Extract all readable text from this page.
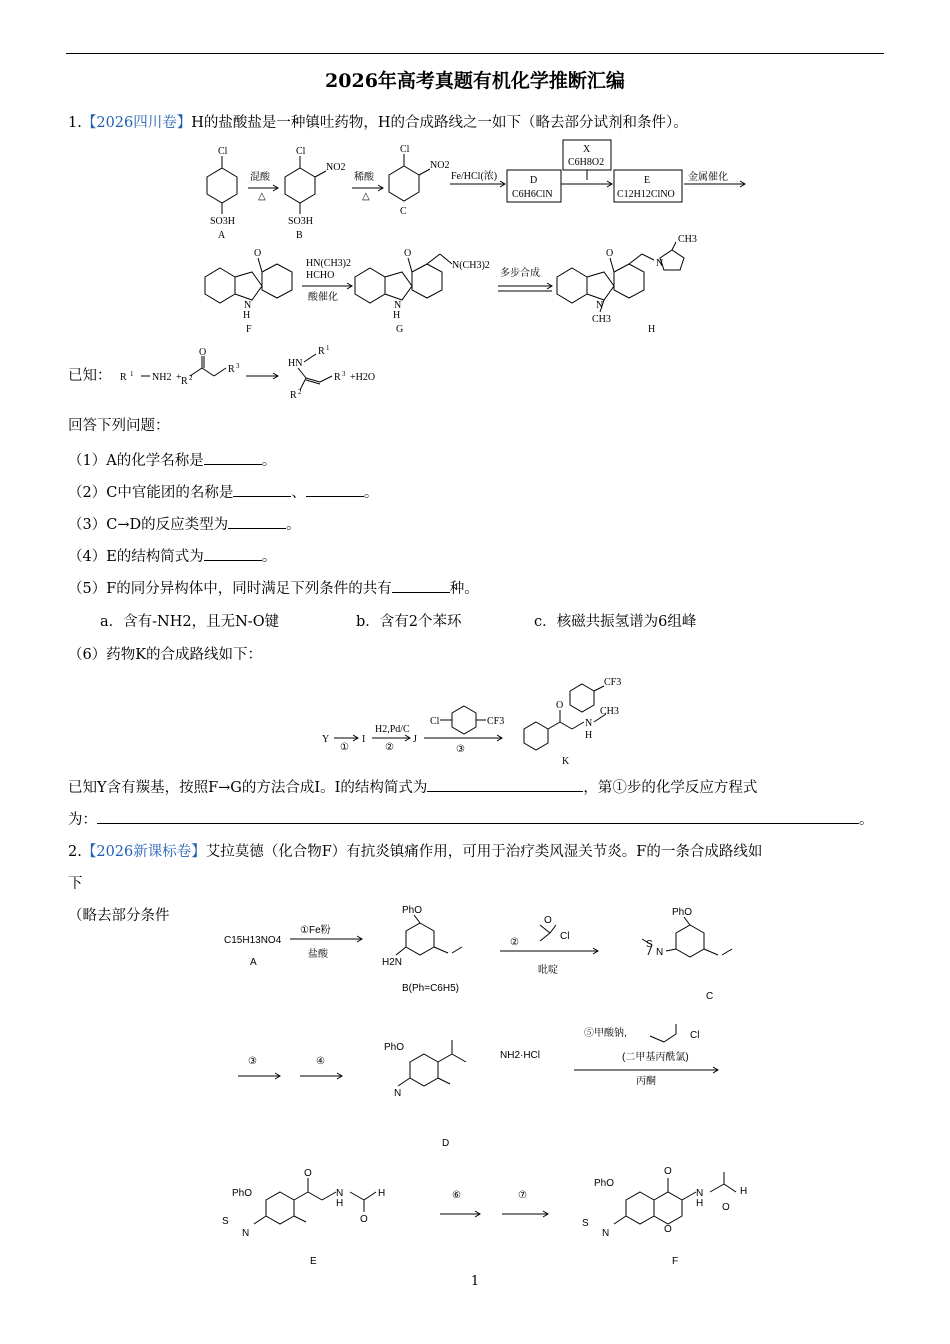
2026年高考真题有机化学推断汇编
1.【2026四川卷】H的盐酸盐是一种镇吐药物，H的合成路线之一如下（略去部分试剂和条件）。
Cl
SO3H
A
混酸
△
Cl
NO2
SO3H
B
稀酸
△
Cl
NO2
C
Fe/HCl(浓)	D
C6H6ClN
X
C6H8O2
E
C12H12ClNO
金属催化
O
N
H
F
HN(CH3)2
HCHO
酸催化
O
N(CH3)2
N
H
G
多步合成
O
N
CH3
N
CH3
H
已知： R 1 NH2 + R 2
O
R 3	HN
R 1
R 2
R 3 +H2O
回答下列问题：
（1）A的化学名称是	。
（2）C中官能团的名称是	、	。
（3）C→D的反应类型为	。
（4）E的结构简式为	。
（5）F的同分异构体中，同时满足下列条件的共有	种。
a．含有-NH2，且无N-O键	b．含有2个苯环	c．核磁共振氢谱为6组峰
（6）药物K的合成路线如下：
Y
①
I
H2,Pd/C
②
J
Cl	CF3
③
O
CF3
N
H
CH3
K
已知Y含有羰基，按照F→G的方法合成I。I的结构简式为	，第①步的化学反应方程式
为：	。
2.【2026新课标卷】艾拉莫德（化合物F）有抗炎镇痛作用，可用于治疗类风湿关节炎。F的一条合成路线如
下
（略去部分条件
C15H13NO4
A
①Fe粉
盐酸
PhO
H2N
B(Ph=C6H5)
②
Cl
O
吡啶
PhO
N
S
C
③	④
PhO
NH2·HCl
N
D
⑤甲酸钠,	Cl
(二甲基丙酰氯)
丙酮
PhO
O
N
H
H
O
N
S
E
⑥	⑦
PhO
O
N
H
H
O
O
N
S
F
1
